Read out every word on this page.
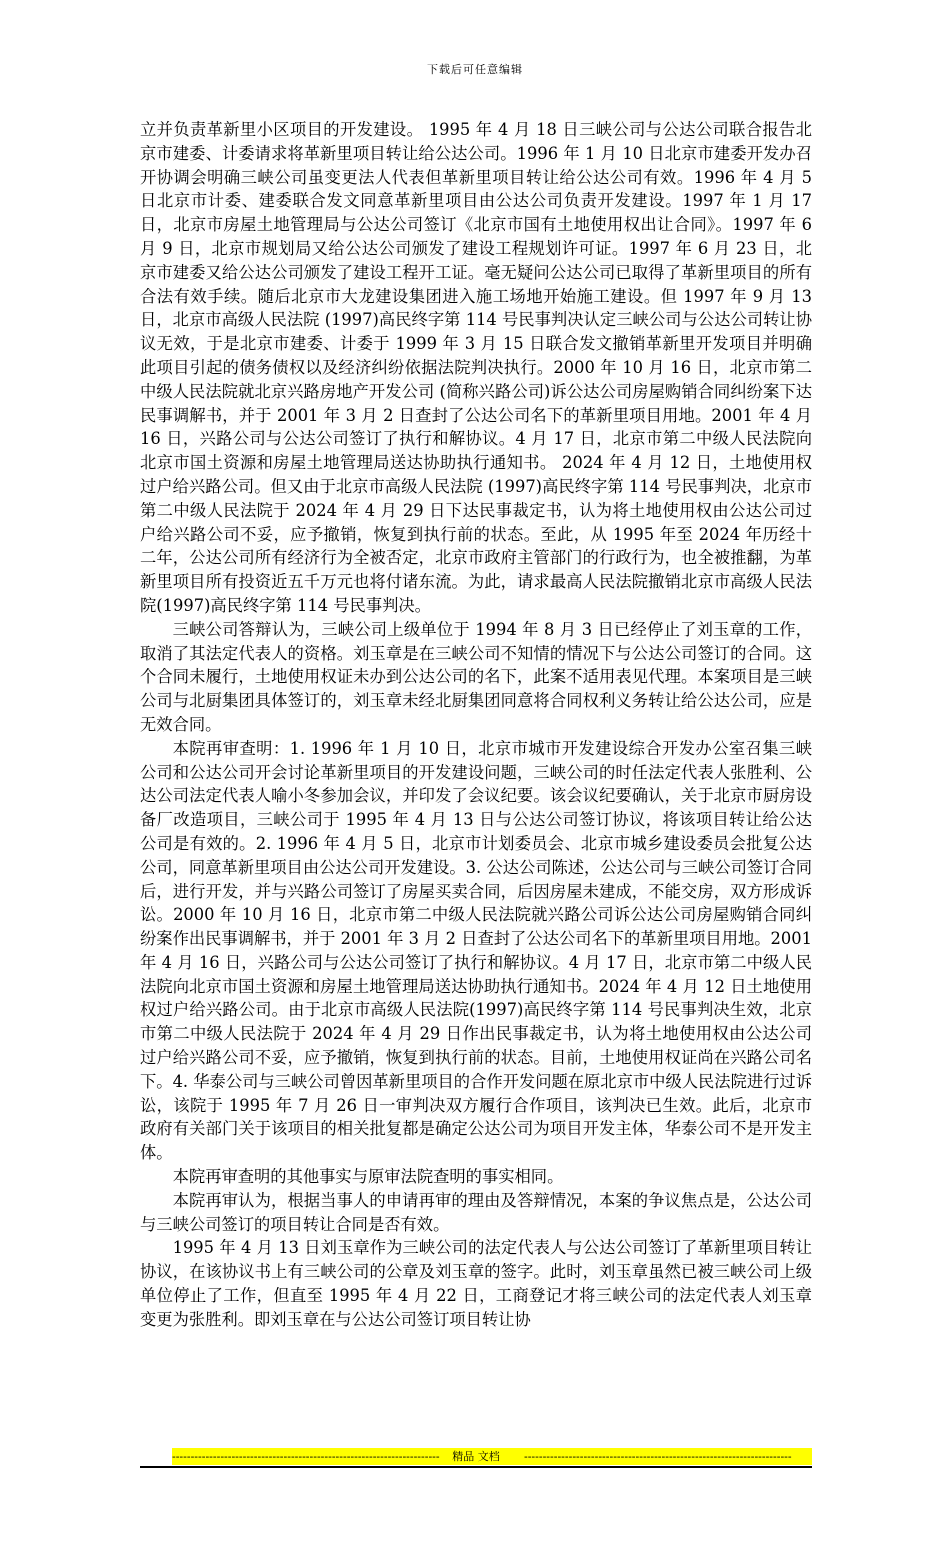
下载后可任意编辑

立并负责革新里小区项目的开发建设。 1995 年 4 月 18 日三峡公司与公达公司联合报告北京市建委、计委请求将革新里项目转让给公达公司。1996 年 1 月 10 日北京市建委开发办召开协调会明确三峡公司虽变更法人代表但革新里项目转让给公达公司有效。1996 年 4 月 5 日北京市计委、建委联合发文同意革新里项目由公达公司负责开发建设。1997 年 1 月 17 日，北京市房屋土地管理局与公达公司签订《北京市国有土地使用权出让合同》。1997 年 6 月 9 日，北京市规划局又给公达公司颁发了建设工程规划许可证。1997 年 6 月 23 日，北京市建委又给公达公司颁发了建设工程开工证。毫无疑问公达公司已取得了革新里项目的所有合法有效手续。随后北京市大龙建设集团进入施工场地开始施工建设。但 1997 年 9 月 13 日，北京市高级人民法院 (1997)高民终字第 114 号民事判决认定三峡公司与公达公司转让协议无效，于是北京市建委、计委于 1999 年 3 月 15 日联合发文撤销革新里开发项目并明确此项目引起的债务债权以及经济纠纷依据法院判决执行。2000 年 10 月 16 日，北京市第二中级人民法院就北京兴路房地产开发公司 (简称兴路公司)诉公达公司房屋购销合同纠纷案下达民事调解书，并于 2001 年 3 月 2 日查封了公达公司名下的革新里项目用地。2001 年 4 月 16 日，兴路公司与公达公司签订了执行和解协议。4 月 17 日，北京市第二中级人民法院向北京市国土资源和房屋土地管理局送达协助执行通知书。 2024 年 4 月 12 日，土地使用权过户给兴路公司。但又由于北京市高级人民法院 (1997)高民终字第 114 号民事判决，北京市第二中级人民法院于 2024 年 4 月 29 日下达民事裁定书，认为将土地使用权由公达公司过户给兴路公司不妥，应予撤销，恢复到执行前的状态。至此，从 1995 年至 2024 年历经十二年，公达公司所有经济行为全被否定，北京市政府主管部门的行政行为，也全被推翻，为革新里项目所有投资近五千万元也将付诸东流。为此，请求最高人民法院撤销北京市高级人民法院(1997)高民终字第 114 号民事判决。

三峡公司答辩认为，三峡公司上级单位于 1994 年 8 月 3 日已经停止了刘玉章的工作，取消了其法定代表人的资格。刘玉章是在三峡公司不知情的情况下与公达公司签订的合同。这个合同未履行，土地使用权证未办到公达公司的名下，此案不适用表见代理。本案项目是三峡公司与北厨集团具体签订的，刘玉章未经北厨集团同意将合同权利义务转让给公达公司，应是无效合同。

本院再审查明：1. 1996 年 1 月 10 日，北京市城市开发建设综合开发办公室召集三峡公司和公达公司开会讨论革新里项目的开发建设问题，三峡公司的时任法定代表人张胜利、公达公司法定代表人喻小冬参加会议，并印发了会议纪要。该会议纪要确认，关于北京市厨房设备厂改造项目，三峡公司于 1995 年 4 月 13 日与公达公司签订协议，将该项目转让给公达公司是有效的。2. 1996 年 4 月 5 日，北京市计划委员会、北京市城乡建设委员会批复公达公司，同意革新里项目由公达公司开发建设。3. 公达公司陈述，公达公司与三峡公司签订合同后，进行开发，并与兴路公司签订了房屋买卖合同，后因房屋未建成，不能交房，双方形成诉讼。2000 年 10 月 16 日，北京市第二中级人民法院就兴路公司诉公达公司房屋购销合同纠纷案作出民事调解书，并于 2001 年 3 月 2 日查封了公达公司名下的革新里项目用地。2001 年 4 月 16 日，兴路公司与公达公司签订了执行和解协议。4 月 17 日，北京市第二中级人民法院向北京市国土资源和房屋土地管理局送达协助执行通知书。2024 年 4 月 12 日土地使用权过户给兴路公司。由于北京市高级人民法院(1997)高民终字第 114 号民事判决生效，北京市第二中级人民法院于 2024 年 4 月 29 日作出民事裁定书，认为将土地使用权由公达公司过户给兴路公司不妥，应予撤销，恢复到执行前的状态。目前，土地使用权证尚在兴路公司名下。4. 华泰公司与三峡公司曾因革新里项目的合作开发问题在原北京市中级人民法院进行过诉讼，该院于 1995 年 7 月 26 日一审判决双方履行合作项目，该判决已生效。此后，北京市政府有关部门关于该项目的相关批复都是确定公达公司为项目开发主体，华泰公司不是开发主体。

本院再审查明的其他事实与原审法院查明的事实相同。

本院再审认为，根据当事人的申请再审的理由及答辩情况，本案的争议焦点是，公达公司与三峡公司签订的项目转让合同是否有效。

1995 年 4 月 13 日刘玉章作为三峡公司的法定代表人与公达公司签订了革新里项目转让协议，在该协议书上有三峡公司的公章及刘玉章的签字。此时，刘玉章虽然已被三峡公司上级单位停止了工作，但直至 1995 年 4 月 22 日，工商登记才将三峡公司的法定代表人刘玉章变更为张胜利。即刘玉章在与公达公司签订项目转让协

------------------------------------------------------------------------	------------------------------------------------------------------------
精品 文档
